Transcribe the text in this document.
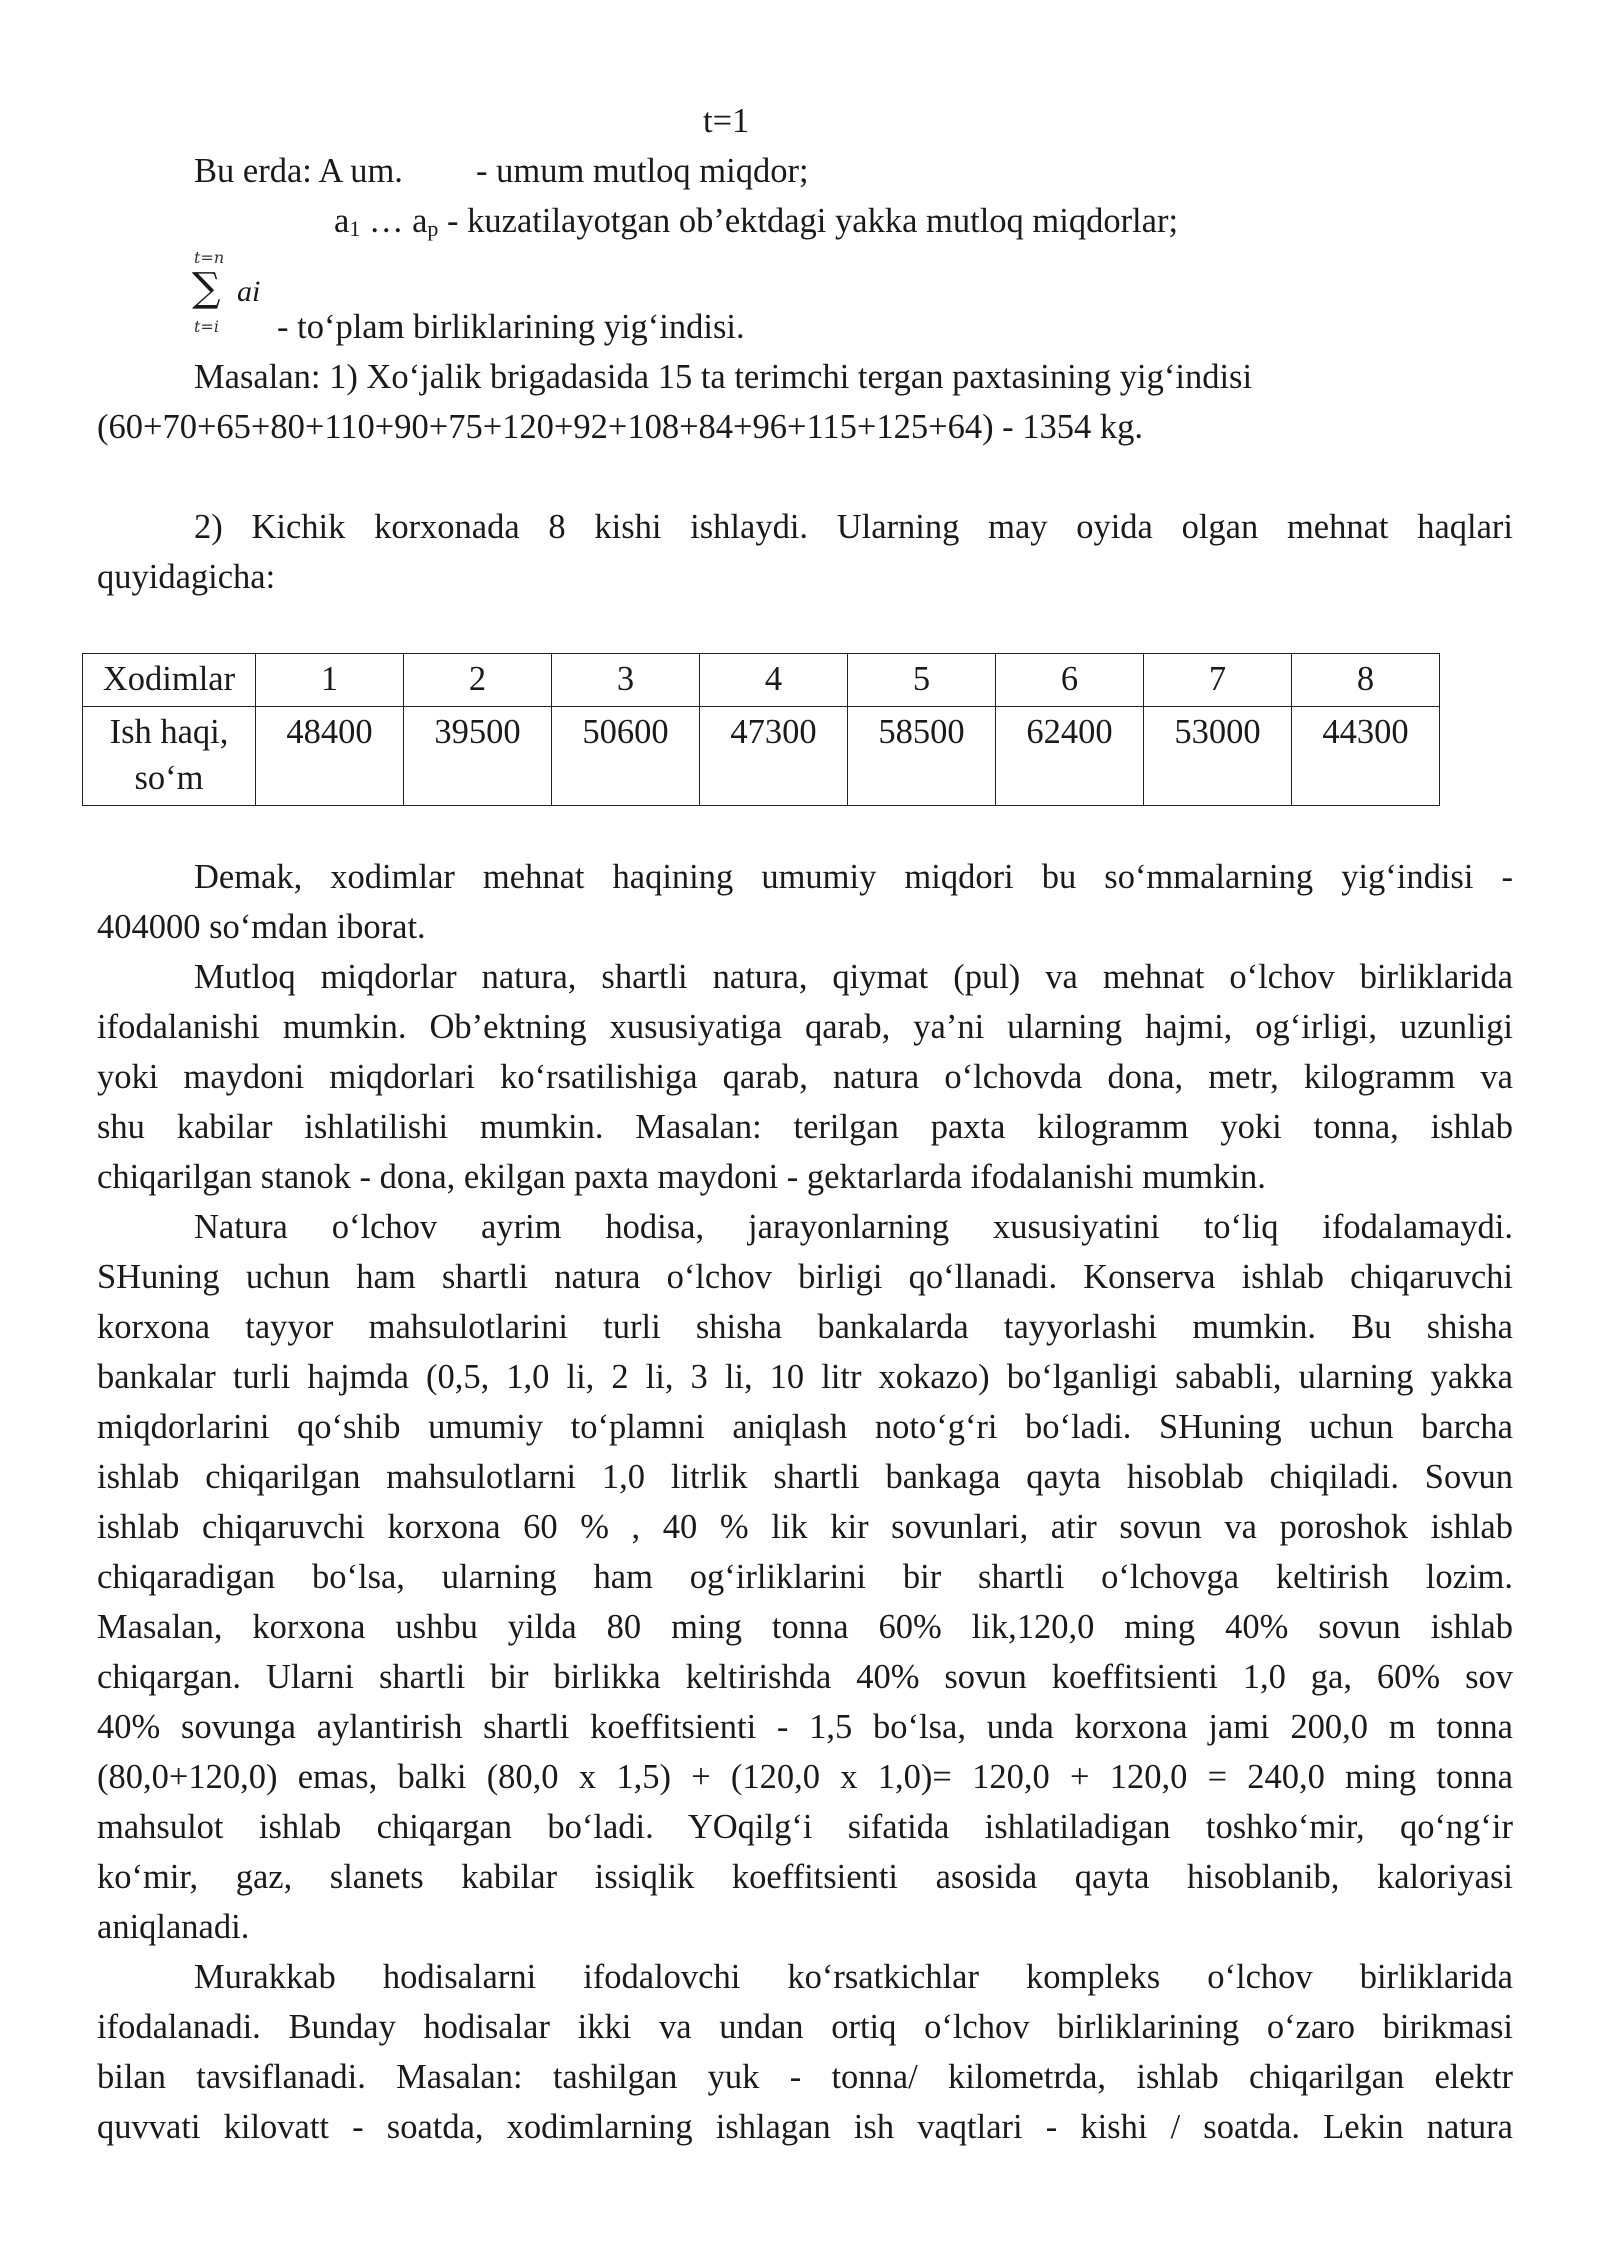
t=1
Bu erda: A um. - umum mutloq miqdor;
a1 … ap - kuzatilayotgan ob’ektdagi yakka mutloq miqdorlar;
t=n
∑ ai
t=i - to‘plam birliklarining yig‘indisi.
Masalan: 1) Xo‘jalik brigadasida 15 ta terimchi tergan paxtasining yig‘indisi
(60+70+65+80+110+90+75+120+92+108+84+96+115+125+64) - 1354 kg.
2) Kichik korxonada 8 kishi ishlaydi. Ularning may oyida olgan mehnat haqlari
quyidagicha:
Xodimlar	1	2	3	4	5	6	7	8

Ish haqi,
so‘m	48400	39500	50600	47300	58500	62400	53000	44300
Demak, xodimlar mehnat haqining umumiy miqdori bu so‘mmalarning yig‘indisi -
404000 so‘mdan iborat.
Mutloq miqdorlar natura, shartli natura, qiymat (pul) va mehnat o‘lchov birliklarida
ifodalanishi mumkin. Ob’ektning xususiyatiga qarab, ya’ni ularning hajmi, og‘irligi, uzunligi
yoki maydoni miqdorlari ko‘rsatilishiga qarab, natura o‘lchovda dona, metr, kilogramm va
shu kabilar ishlatilishi mumkin. Masalan: terilgan paxta kilogramm yoki tonna, ishlab
chiqarilgan stanok - dona, ekilgan paxta maydoni - gektarlarda ifodalanishi mumkin.
Natura o‘lchov ayrim hodisa, jarayonlarning xususiyatini to‘liq ifodalamaydi.
SHuning uchun ham shartli natura o‘lchov birligi qo‘llanadi. Konserva ishlab chiqaruvchi
korxona tayyor mahsulotlarini turli shisha bankalarda tayyorlashi mumkin. Bu shisha
bankalar turli hajmda (0,5, 1,0 li, 2 li, 3 li, 10 litr xokazo) bo‘lganligi sababli, ularning yakka
miqdorlarini qo‘shib umumiy to‘plamni aniqlash noto‘g‘ri bo‘ladi. SHuning uchun barcha
ishlab chiqarilgan mahsulotlarni 1,0 litrlik shartli bankaga qayta hisoblab chiqiladi. Sovun
ishlab chiqaruvchi korxona 60 % , 40 % lik kir sovunlari, atir sovun va poroshok ishlab
chiqaradigan bo‘lsa, ularning ham og‘irliklarini bir shartli o‘lchovga keltirish lozim.
Masalan, korxona ushbu yilda 80 ming tonna 60% lik,120,0 ming 40% sovun ishlab
chiqargan. Ularni shartli bir birlikka keltirishda 40% sovun koeffitsienti 1,0 ga, 60% sov
40% sovunga aylantirish shartli koeffitsienti - 1,5 bo‘lsa, unda korxona jami 200,0 m tonna
(80,0+120,0) emas, balki (80,0 x 1,5) + (120,0 x 1,0)= 120,0 + 120,0 = 240,0 ming tonna
mahsulot ishlab chiqargan bo‘ladi. YOqilg‘i sifatida ishlatiladigan toshko‘mir, qo‘ng‘ir
ko‘mir, gaz, slanets kabilar issiqlik koeffitsienti asosida qayta hisoblanib, kaloriyasi
aniqlanadi.
Murakkab hodisalarni ifodalovchi ko‘rsatkichlar kompleks o‘lchov birliklarida
ifodalanadi. Bunday hodisalar ikki va undan ortiq o‘lchov birliklarining o‘zaro birikmasi
bilan tavsiflanadi. Masalan: tashilgan yuk - tonna/ kilometrda, ishlab chiqarilgan elektr
quvvati kilovatt - soatda, xodimlarning ishlagan ish vaqtlari - kishi / soatda. Lekin natura
